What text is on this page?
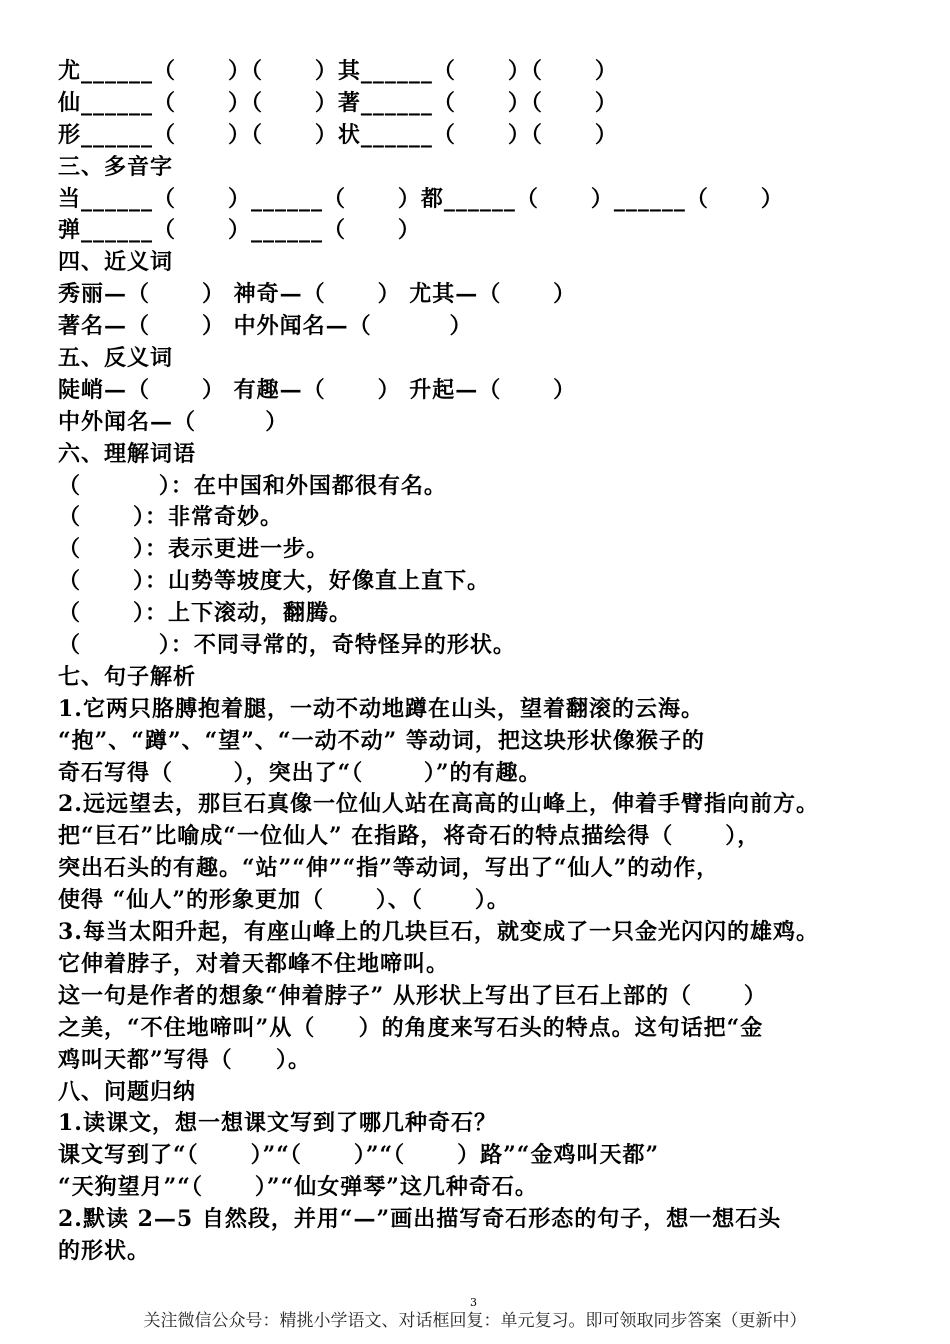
尤______（      ）（      ）其______（      ）（      ）
仙______（      ）（      ）著______（      ）（      ）
形______（      ）（      ）状______（      ）（      ）
三、多音字
当______（      ）______（      ）都______（      ）______（      ）
弹______（      ）______（      ）
四、近义词
秀丽—（      ） 神奇—（      ） 尤其—（      ）
著名—（      ） 中外闻名—（         ）
五、反义词
陡峭—（      ） 有趣—（      ） 升起—（      ）
中外闻名—（        ）
六、理解词语
（         ）：在中国和外国都很有名。
（      ）：非常奇妙。
（      ）：表示更进一步。
（      ）：山势等坡度大，好像直上直下。
（      ）：上下滚动，翻腾。
（         ）：不同寻常的，奇特怪异的形状。
七、句子解析
1.它两只胳膊抱着腿，一动不动地蹲在山头，望着翻滚的云海。
“抱”、“蹲”、“望”、“一动不动” 等动词，把这块形状像猴子的
奇石写得（       ），突出了“（       ）”的有趣。
2.远远望去，那巨石真像一位仙人站在高高的山峰上，伸着手臂指向前方。
把“巨石”比喻成“一位仙人” 在指路，将奇石的特点描绘得（      ），
突出石头的有趣。“站”“伸”“指”等动词，写出了“仙人”的动作，
使得 “仙人”的形象更加（      ）、（      ）。
3.每当太阳升起，有座山峰上的几块巨石，就变成了一只金光闪闪的雄鸡。
它伸着脖子，对着天都峰不住地啼叫。
这一句是作者的想象“伸着脖子” 从形状上写出了巨石上部的（      ）
之美，“不住地啼叫”从（     ）的角度来写石头的特点。这句话把“金
鸡叫天都”写得（     ）。
八、问题归纳
1.读课文，想一想课文写到了哪几种奇石？
课文写到了“（      ）”“（      ）”“（      ）路”“金鸡叫天都”
“天狗望月”“（      ）”“仙女弹琴”这几种奇石。
2.默读 2—5 自然段，并用“—”画出描写奇石形态的句子，想一想石头
的形状。
3
关注微信公众号：精挑小学语文、对话框回复：单元复习。即可领取同步答案（更新中）
